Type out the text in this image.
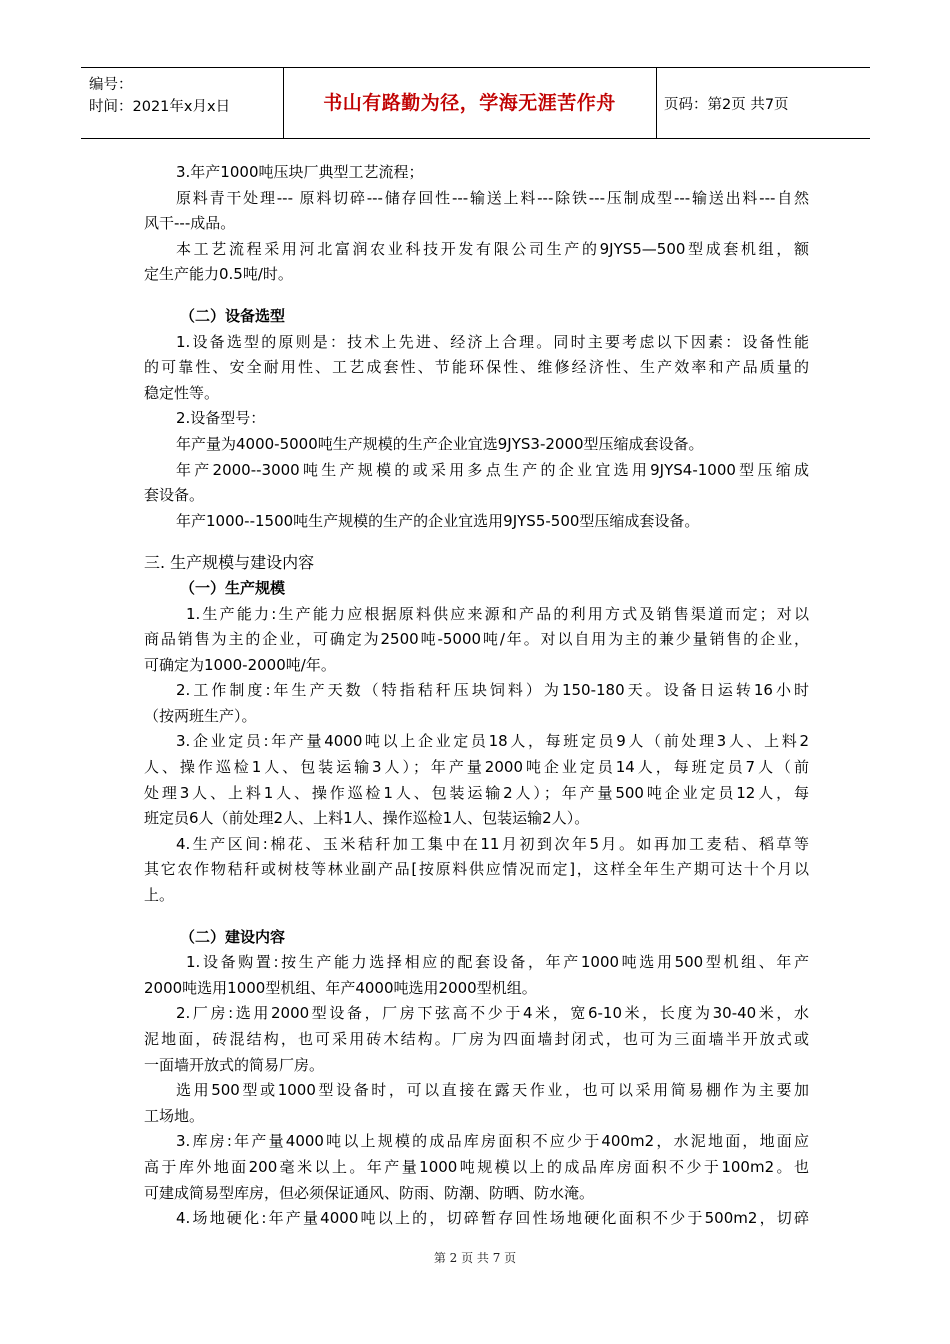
编号：
时间：2021年x月x日	书山有路勤为径，学海无涯苦作舟	页码：第2页 共7页
3.年产1000吨压块厂典型工艺流程；
原料青干处理--- 原料切碎---储存回性---输送上料---除铁---压制成型---输送出料---自然
风干---成品。
本工艺流程采用河北富润农业科技开发有限公司生产的9JYS5—500型成套机组，额
定生产能力0.5吨/时。
（二）设备选型
1.设备选型的原则是：技术上先进、经济上合理。同时主要考虑以下因素：设备性能
的可靠性、安全耐用性、工艺成套性、节能环保性、维修经济性、生产效率和产品质量的
稳定性等。
2.设备型号：
年产量为4000-5000吨生产规模的生产企业宜选9JYS3-2000型压缩成套设备。
年产2000--3000吨生产规模的或采用多点生产的企业宜选用9JYS4-1000型压缩成
套设备。
年产1000--1500吨生产规模的生产的企业宜选用9JYS5-500型压缩成套设备。
三. 生产规模与建设内容
（一）生产规模
1.生产能力:生产能力应根据原料供应来源和产品的利用方式及销售渠道而定；对以
商品销售为主的企业，可确定为2500吨-5000吨/年。对以自用为主的兼少量销售的企业，
可确定为1000-2000吨/年。
2.工作制度:年生产天数（特指秸秆压块饲料）为150-180天。设备日运转16小时
（按两班生产）。
3.企业定员:年产量4000吨以上企业定员18人，每班定员9人（前处理3人、上料2
人、操作巡检1人、包装运输3人）；年产量2000吨企业定员14人，每班定员7人（前
处理3人、上料1人、操作巡检1人、包装运输2人）；年产量500吨企业定员12人，每
班定员6人（前处理2人、上料1人、操作巡检1人、包装运输2人）。
4.生产区间:棉花、玉米秸秆加工集中在11月初到次年5月。如再加工麦秸、稻草等
其它农作物秸秆或树枝等林业副产品[按原料供应情况而定]，这样全年生产期可达十个月以
上。
（二）建设内容
1.设备购置:按生产能力选择相应的配套设备，年产1000吨选用500型机组、年产
2000吨选用1000型机组、年产4000吨选用2000型机组。
2.厂房:选用2000型设备，厂房下弦高不少于4米，宽6-10米，长度为30-40米，水
泥地面，砖混结构，也可采用砖木结构。厂房为四面墙封闭式，也可为三面墙半开放式或
一面墙开放式的简易厂房。
选用500型或1000型设备时，可以直接在露天作业，也可以采用简易棚作为主要加
工场地。
3.库房:年产量4000吨以上规模的成品库房面积不应少于400m2，水泥地面，地面应
高于库外地面200毫米以上。年产量1000吨规模以上的成品库房面积不少于100m2。也
可建成简易型库房，但必须保证通风、防雨、防潮、防晒、防水淹。
4.场地硬化:年产量4000吨以上的，切碎暂存回性场地硬化面积不少于500m2，切碎
第 2 页 共 7 页
